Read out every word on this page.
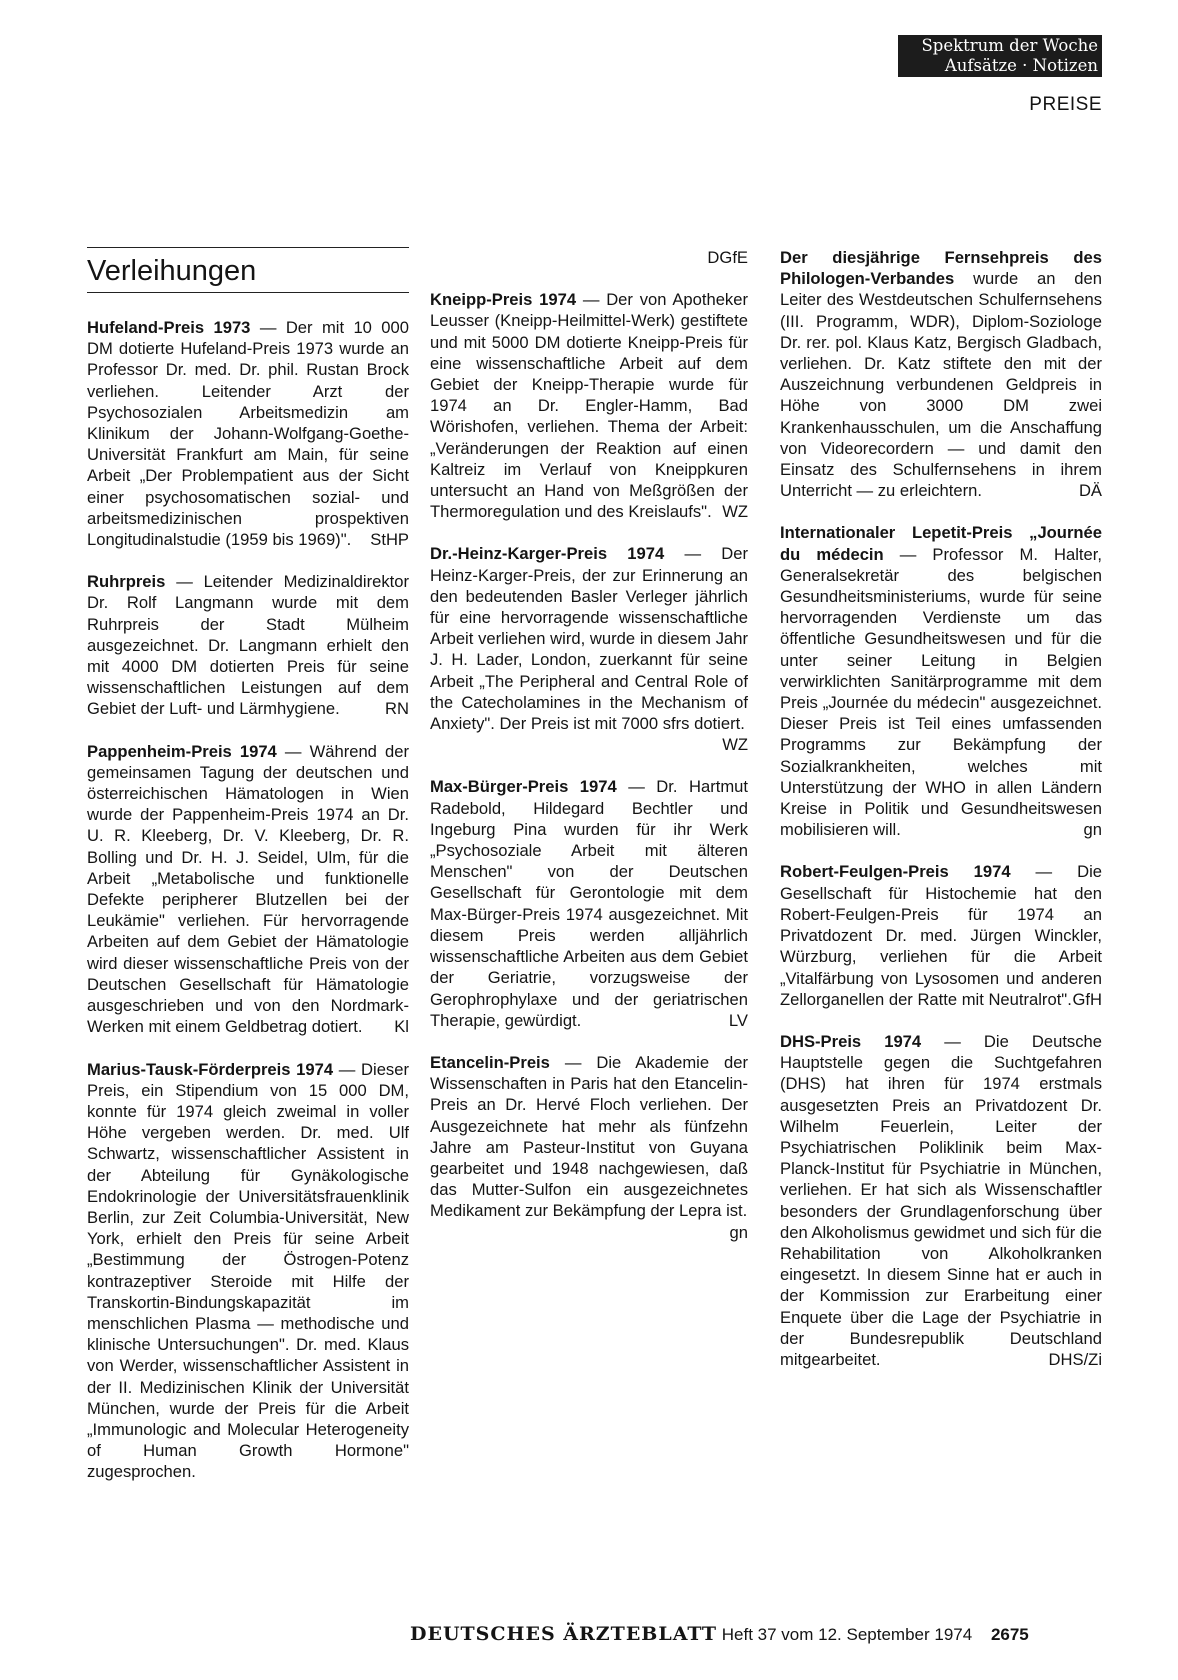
Spektrum der Woche
Aufsätze · Notizen
PREISE
Verleihungen
Hufeland-Preis 1973 — Der mit 10 000 DM dotierte Hufeland-Preis 1973 wurde an Professor Dr. med. Dr. phil. Rustan Brock verliehen. Leitender Arzt der Psychosozialen Arbeitsmedizin am Klinikum der Johann-Wolfgang-Goethe-Universität Frankfurt am Main, für seine Arbeit „Der Problempatient aus der Sicht einer psychosomatischen sozial- und arbeitsmedizinischen prospektiven Longitudinalstudie (1959 bis 1969)". StHP
Ruhrpreis — Leitender Medizinaldirektor Dr. Rolf Langmann wurde mit dem Ruhrpreis der Stadt Mülheim ausgezeichnet. Dr. Langmann erhielt den mit 4000 DM dotierten Preis für seine wissenschaftlichen Leistungen auf dem Gebiet der Luft- und Lärmhygiene.	RN
Pappenheim-Preis 1974 — Während der gemeinsamen Tagung der deutschen und österreichischen Hämatologen in Wien wurde der Pappenheim-Preis 1974 an Dr. U. R. Kleeberg, Dr. V. Kleeberg, Dr. R. Bolling und Dr. H. J. Seidel, Ulm, für die Arbeit „Metabolische und funktionelle Defekte peripherer Blutzellen bei der Leukämie" verliehen. Für hervorragende Arbeiten auf dem Gebiet der Hämatologie wird dieser wissenschaftliche Preis von der Deutschen Gesellschaft für Hämatologie ausgeschrieben und von den Nordmark-Werken mit einem Geldbetrag dotiert. Kl
Marius-Tausk-Förderpreis 1974 — Dieser Preis, ein Stipendium von 15 000 DM, konnte für 1974 gleich zweimal in voller Höhe vergeben werden. Dr. med. Ulf Schwartz, wissenschaftlicher Assistent in der Abteilung für Gynäkologische Endokrinologie der Universitätsfrauenklinik Berlin, zur Zeit Columbia-Universität, New York, erhielt den Preis für seine Arbeit „Bestimmung der Östrogen-Potenz kontrazeptiver Steroide mit Hilfe der Transkortin-Bindungskapazität im menschlichen Plasma — methodische und klinische Untersuchungen". Dr. med. Klaus von Werder, wissenschaftlicher Assistent in der II. Medizinischen Klinik der Universität München, wurde der Preis für die Arbeit „Immunologic and Molecular Heterogeneity of Human Growth Hormone" zugesprochen.
DGfE
Kneipp-Preis 1974 — Der von Apotheker Leusser (Kneipp-Heilmittel-Werk) gestiftete und mit 5000 DM dotierte Kneipp-Preis für eine wissenschaftliche Arbeit auf dem Gebiet der Kneipp-Therapie wurde für 1974 an Dr. Engler-Hamm, Bad Wörishofen, verliehen. Thema der Arbeit: „Veränderungen der Reaktion auf einen Kaltreiz im Verlauf von Kneippkuren untersucht an Hand von Meßgrößen der Thermoregulation und des Kreislaufs". WZ
Dr.-Heinz-Karger-Preis 1974 — Der Heinz-Karger-Preis, der zur Erinnerung an den bedeutenden Basler Verleger jährlich für eine hervorragende wissenschaftliche Arbeit verliehen wird, wurde in diesem Jahr J. H. Lader, London, zuerkannt für seine Arbeit „The Peripheral and Central Role of the Catecholamines in the Mechanism of Anxiety". Der Preis ist mit 7000 sfrs dotiert.
WZ
Max-Bürger-Preis 1974 — Dr. Hartmut Radebold, Hildegard Bechtler und Ingeburg Pina wurden für ihr Werk „Psychosoziale Arbeit mit älteren Menschen" von der Deutschen Gesellschaft für Gerontologie mit dem Max-Bürger-Preis 1974 ausgezeichnet. Mit diesem Preis werden alljährlich wissenschaftliche Arbeiten aus dem Gebiet der Geriatrie, vorzugsweise der Gerophrophylaxe und der geriatrischen Therapie, gewürdigt.	LV
Etancelin-Preis — Die Akademie der Wissenschaften in Paris hat den Etancelin-Preis an Dr. Hervé Floch verliehen. Der Ausgezeichnete hat mehr als fünfzehn Jahre am Pasteur-Institut von Guyana gearbeitet und 1948 nachgewiesen, daß das Mutter-Sulfon ein ausgezeichnetes Medikament zur Bekämpfung der Lepra ist.
gn
Der diesjährige Fernsehpreis des Philologen-Verbandes wurde an den Leiter des Westdeutschen Schulfernsehens (III. Programm, WDR), Diplom-Soziologe Dr. rer. pol. Klaus Katz, Bergisch Gladbach, verliehen. Dr. Katz stiftete den mit der Auszeichnung verbundenen Geldpreis in Höhe von 3000 DM zwei Krankenhausschulen, um die Anschaffung von Videorecordern — und damit den Einsatz des Schulfernsehens in ihrem Unterricht — zu erleichtern.	DÄ
Internationaler Lepetit-Preis „Journée du médecin — Professor M. Halter, Generalsekretär des belgischen Gesundheitsministeriums, wurde für seine hervorragenden Verdienste um das öffentliche Gesundheitswesen und für die unter seiner Leitung in Belgien verwirklichten Sanitärprogramme mit dem Preis „Journée du médecin" ausgezeichnet. Dieser Preis ist Teil eines umfassenden Programms zur Bekämpfung der Sozialkrankheiten, welches mit Unterstützung der WHO in allen Ländern Kreise in Politik und Gesundheitswesen mobilisieren will.	gn
Robert-Feulgen-Preis 1974 — Die Gesellschaft für Histochemie hat den Robert-Feulgen-Preis für 1974 an Privatdozent Dr. med. Jürgen Winckler, Würzburg, verliehen für die Arbeit „Vitalfärbung von Lysosomen und anderen Zellorganellen der Ratte mit Neutralrot". GfH
DHS-Preis 1974 — Die Deutsche Hauptstelle gegen die Suchtgefahren (DHS) hat ihren für 1974 erstmals ausgesetzten Preis an Privatdozent Dr. Wilhelm Feuerlein, Leiter der Psychiatrischen Poliklinik beim Max-Planck-Institut für Psychiatrie in München, verliehen. Er hat sich als Wissenschaftler besonders der Grundlagenforschung über den Alkoholismus gewidmet und sich für die Rehabilitation von Alkoholkranken eingesetzt. In diesem Sinne hat er auch in der Kommission zur Erarbeitung einer Enquete über die Lage der Psychiatrie in der Bundesrepublik Deutschland mitgearbeitet.	DHS/Zi
DEUTSCHES ÄRZTEBLATT Heft 37 vom 12. September 1974 2675
